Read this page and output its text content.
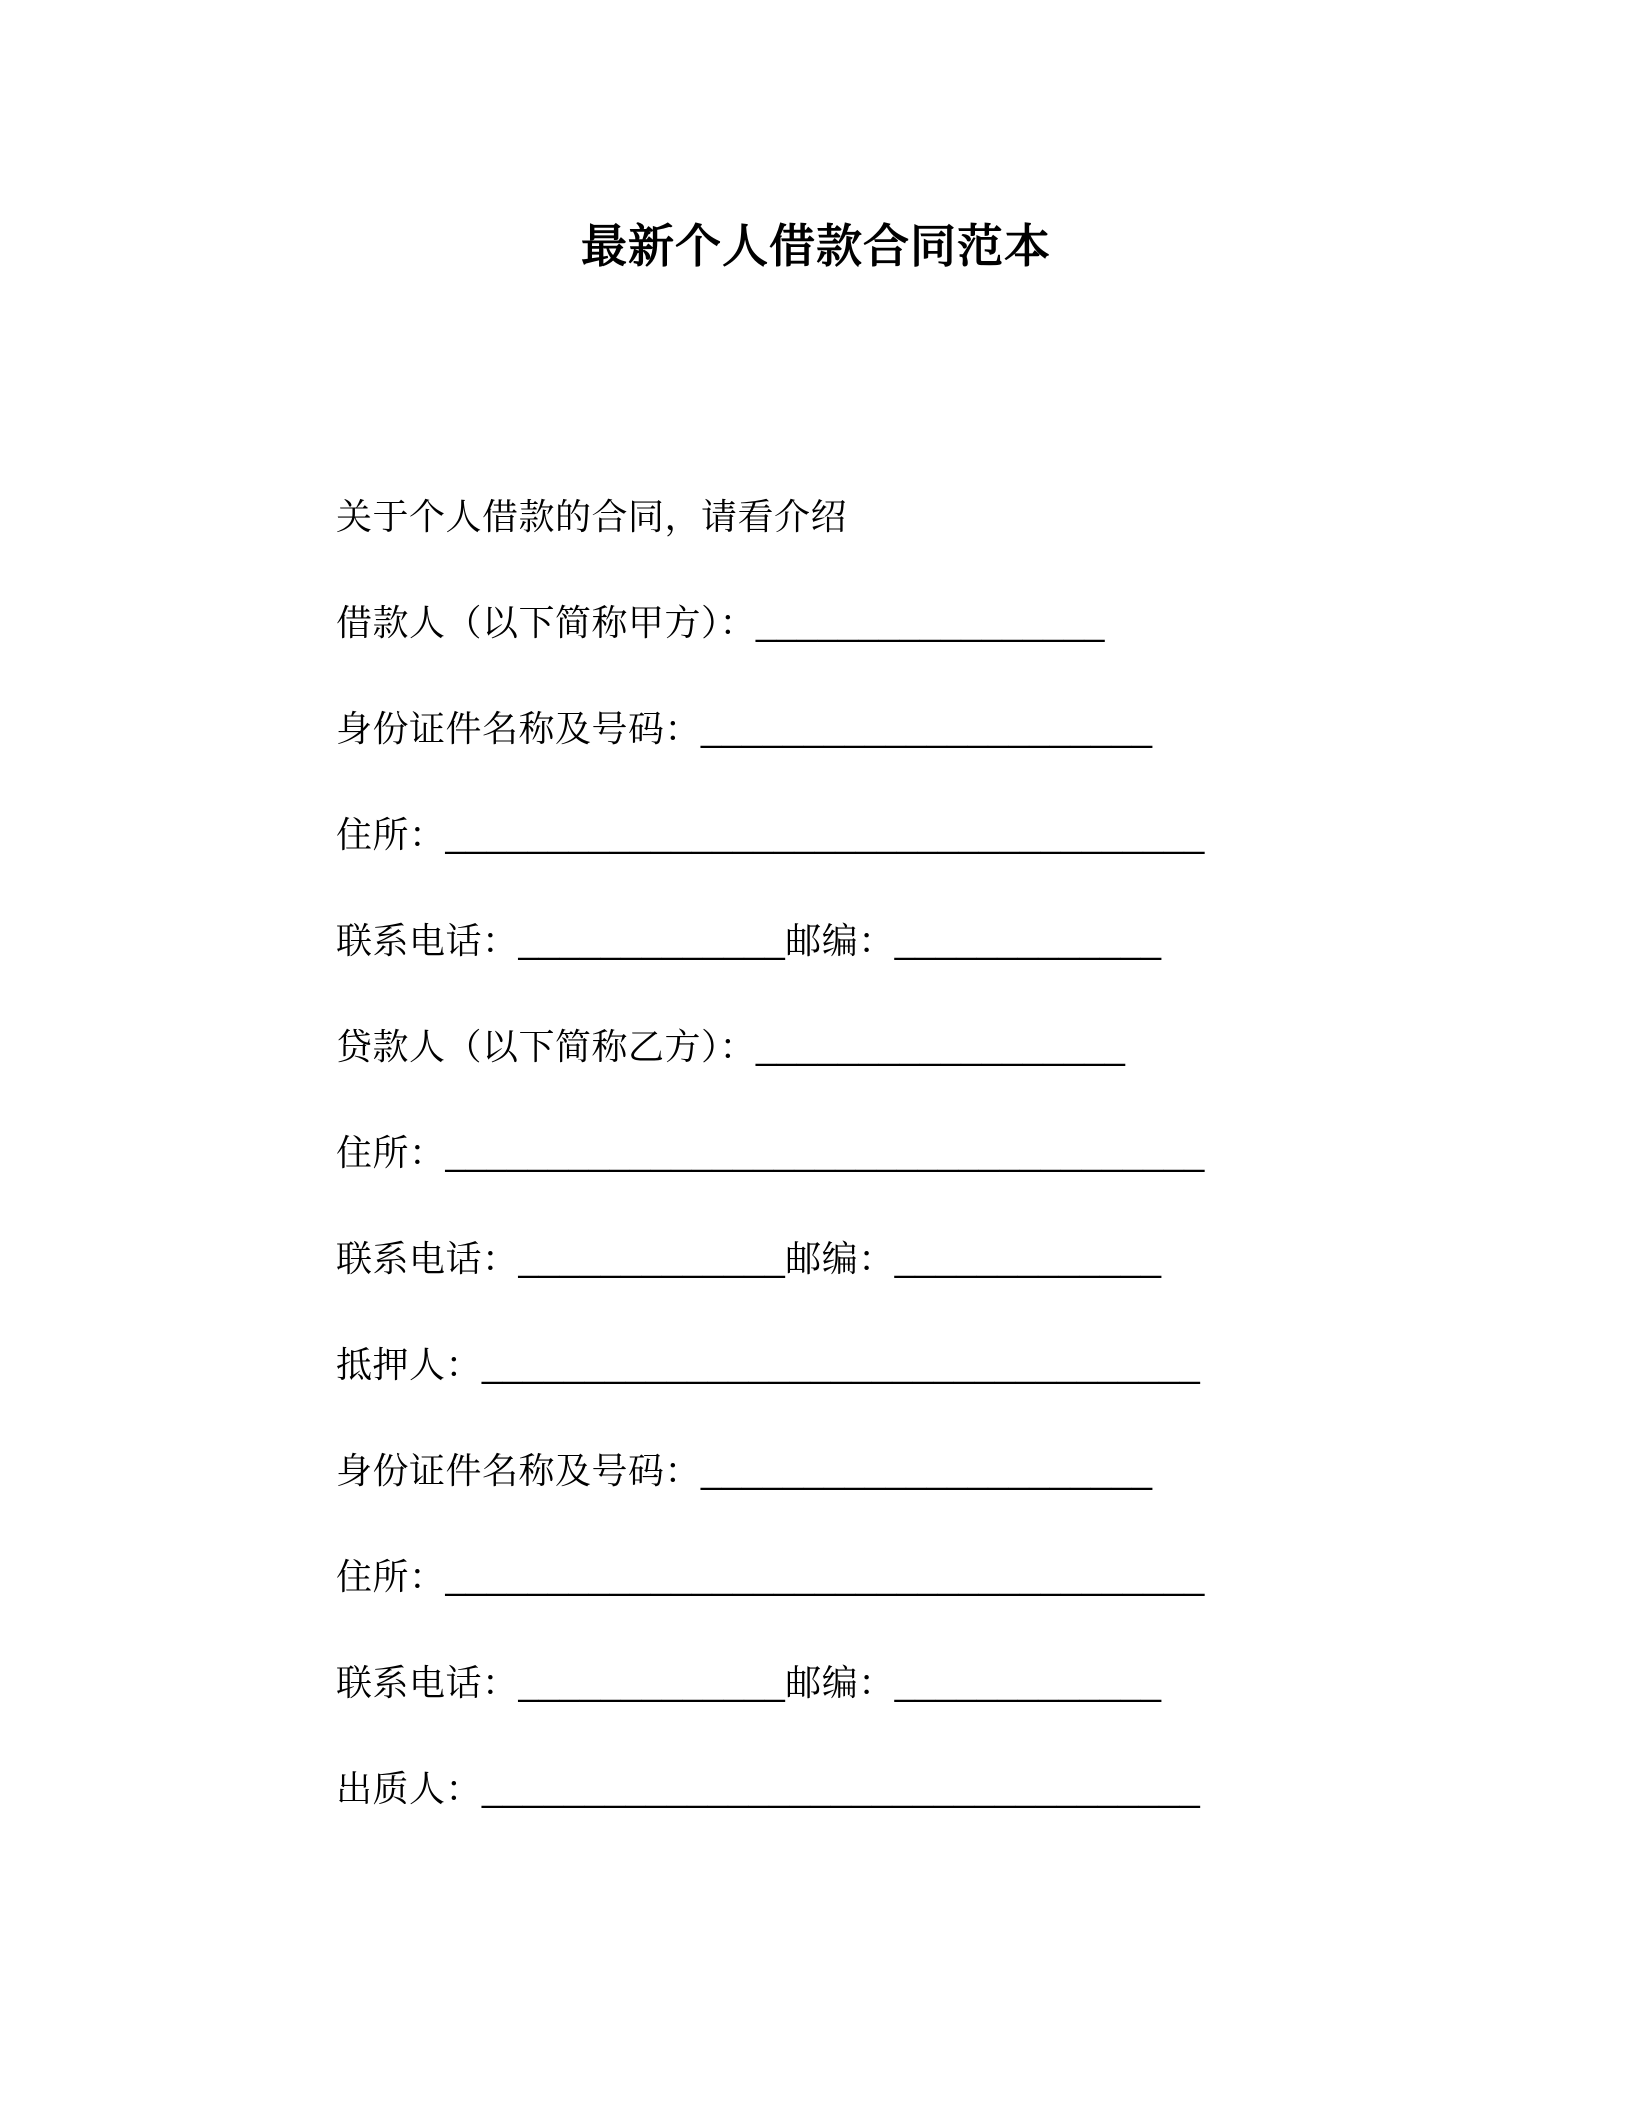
最新个人借款合同范本

关于个人借款的合同，请看介绍

借款人（以下简称甲方）：_________________

身份证件名称及号码：______________________

住所：_____________________________________

联系电话：_____________邮编：_____________

贷款人（以下简称乙方）：__________________

住所：_____________________________________

联系电话：_____________邮编：_____________

抵押人：___________________________________

身份证件名称及号码：______________________

住所：_____________________________________

联系电话：_____________邮编：_____________

出质人：___________________________________
